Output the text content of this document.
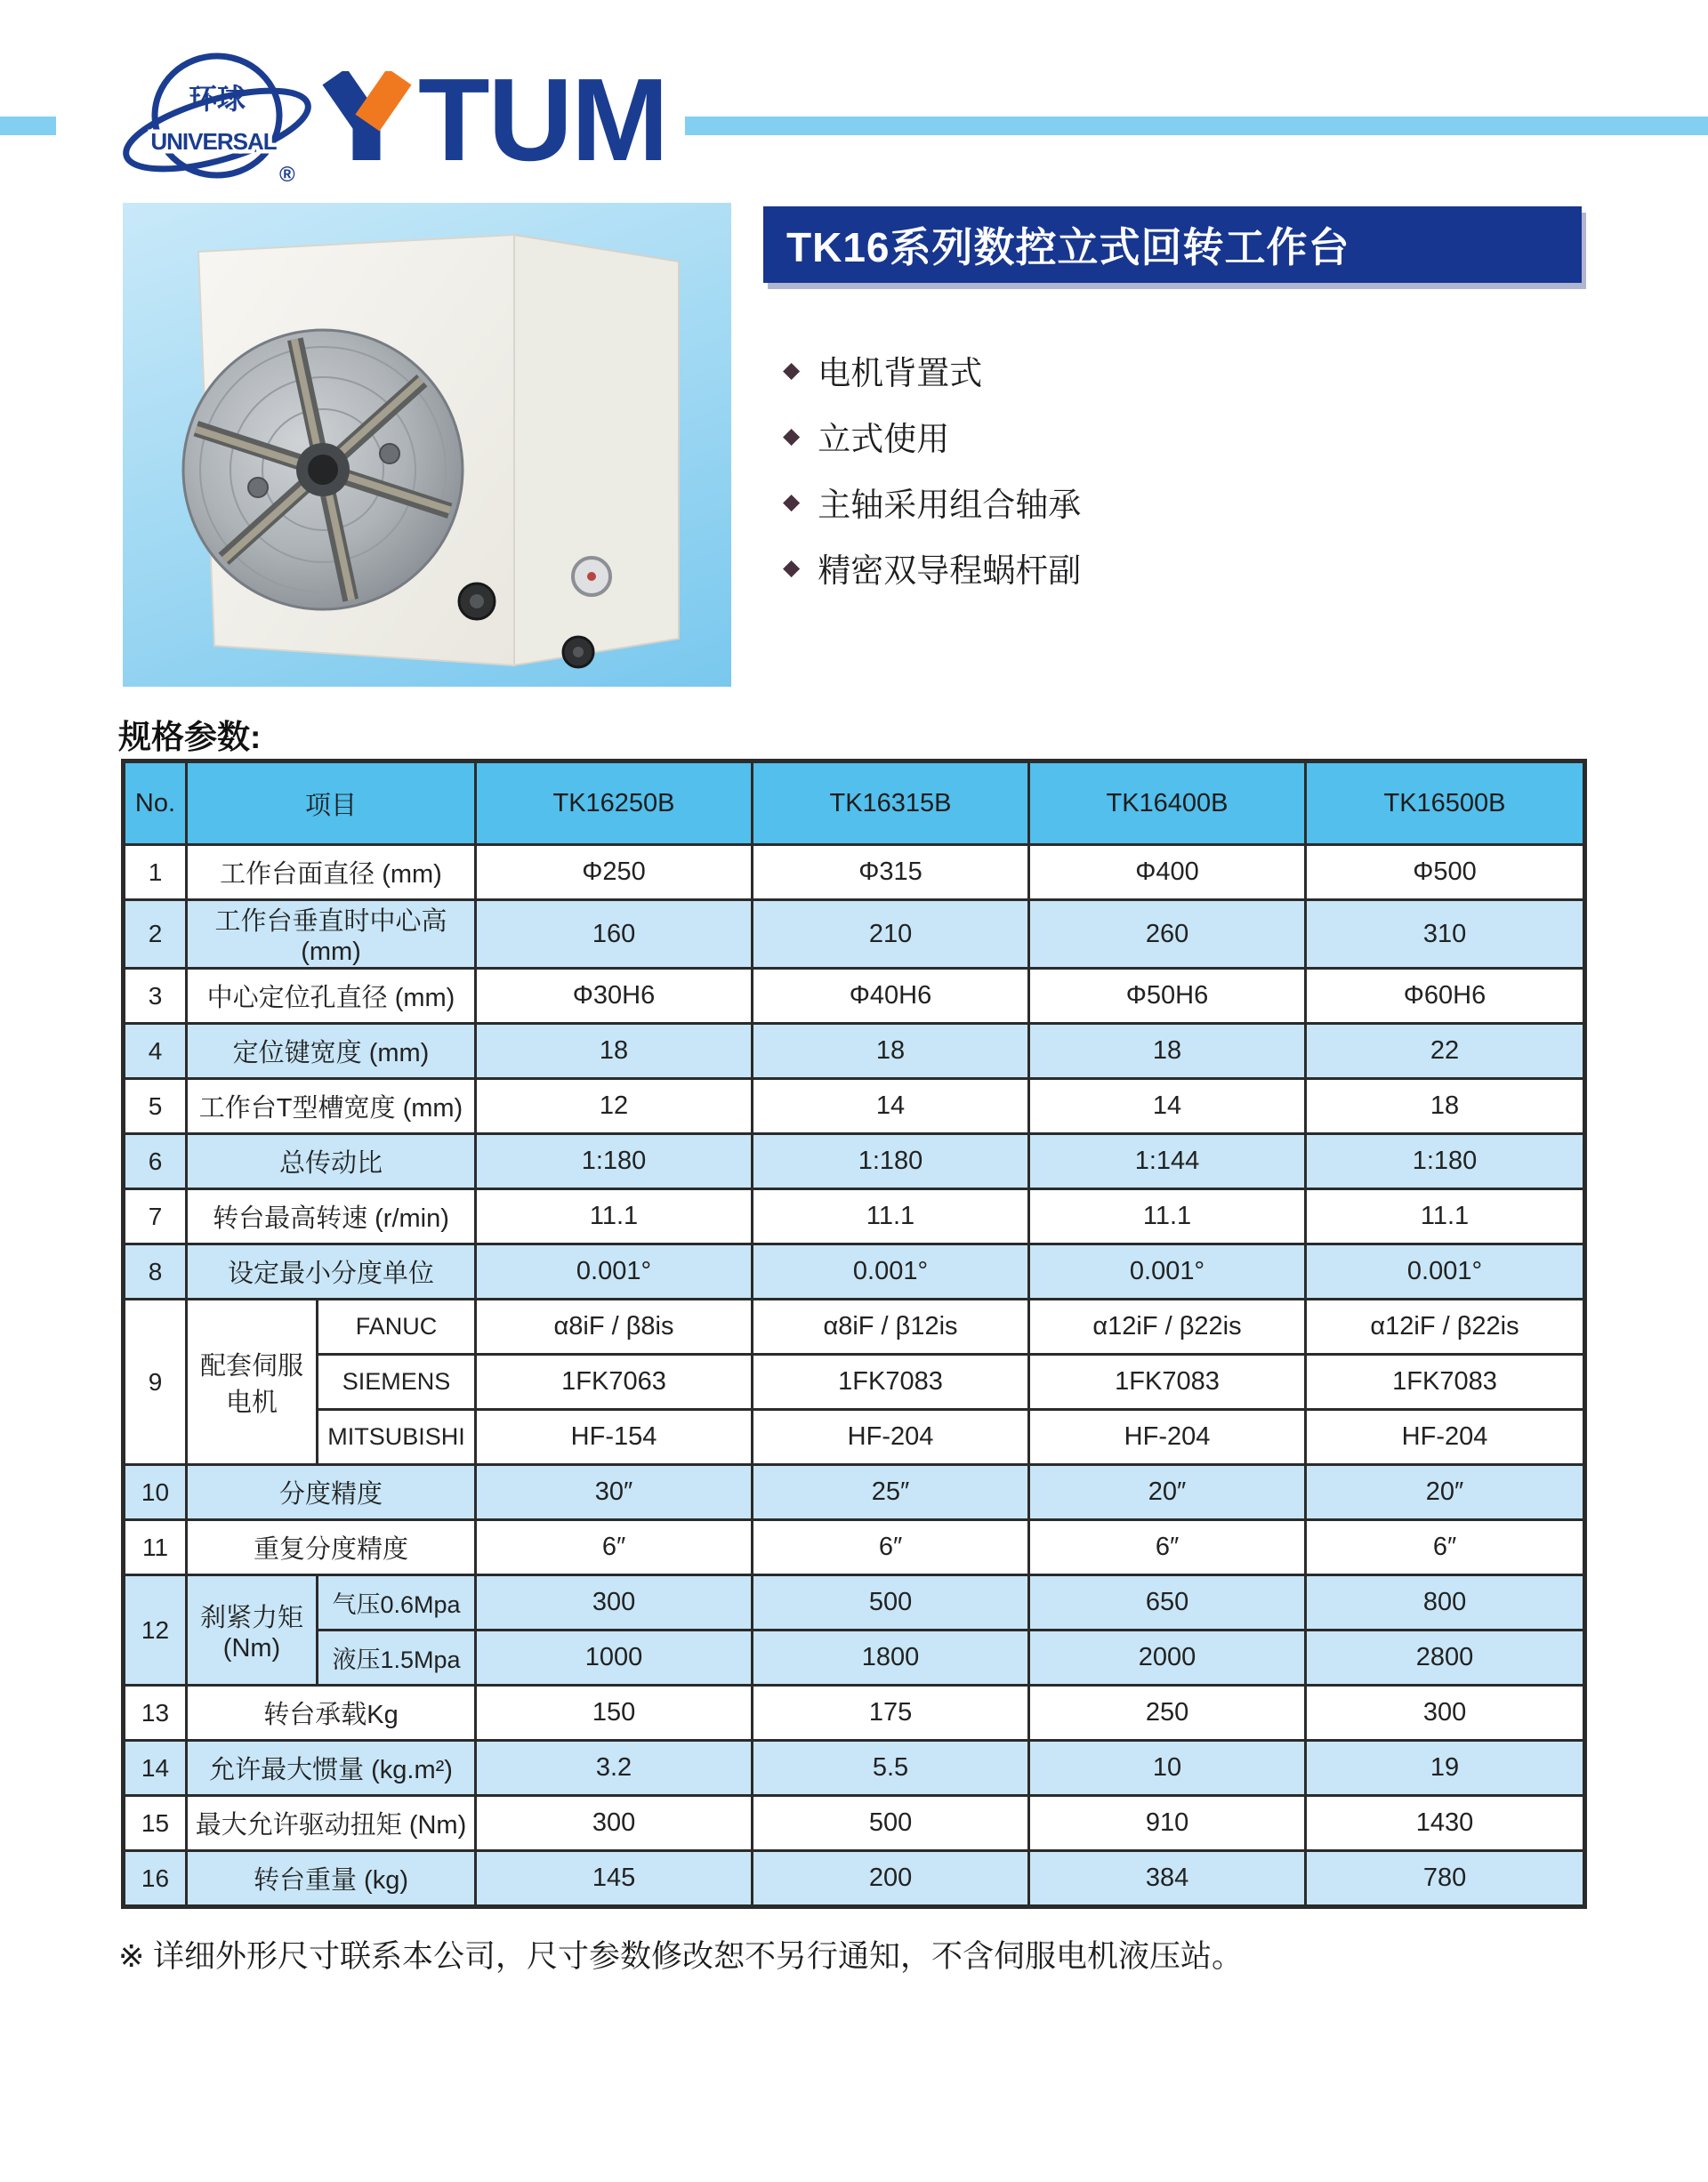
环球
UNIVERSAL
® TUM
TK16系列数控立式回转工作台
◆ 电机背置式
◆ 立式使用
◆ 主轴采用组合轴承
◆ 精密双导程蜗杆副
规格参数:
No.	项目		TK16250B	TK16315B	TK16400B	TK16500B
1	工作台面直径 (mm)		Φ250	Φ315	Φ400	Φ500
2	工作台垂直时中心高 (mm)		160	210	260	310
3	中心定位孔直径 (mm)		Φ30H6	Φ40H6	Φ50H6	Φ60H6
4	定位键宽度 (mm)		18	18	18	22
5	工作台T型槽宽度 (mm)		12	14	14	18
6	总传动比		1:180	1:180	1:144	1:180
7	转台最高转速 (r/min)		11.1	11.1	11.1	11.1
8	设定最小分度单位		0.001°	0.001°	0.001°	0.001°
9	配套伺服电机	FANUC	α8iF / β8is	α8iF / β12is	α12iF / β22is	α12iF / β22is
		SIEMENS	1FK7063	1FK7083	1FK7083	1FK7083
		MITSUBISHI	HF-154	HF-204	HF-204	HF-204
10	分度精度		30″	25″	20″	20″
11	重复分度精度		6″	6″	6″	6″
12	刹紧力矩 (Nm)	气压0.6Mpa	300	500	650	800
		液压1.5Mpa	1000	1800	2000	2800
13	转台承载Kg		150	175	250	300
14	允许最大惯量 (kg.m²)		3.2	5.5	10	19
15	最大允许驱动扭矩 (Nm)		300	500	910	1430
16	转台重量 (kg)		145	200	384	780

※ 详细外形尺寸联系本公司，尺寸参数修改恕不另行通知，不含伺服电机液压站。
